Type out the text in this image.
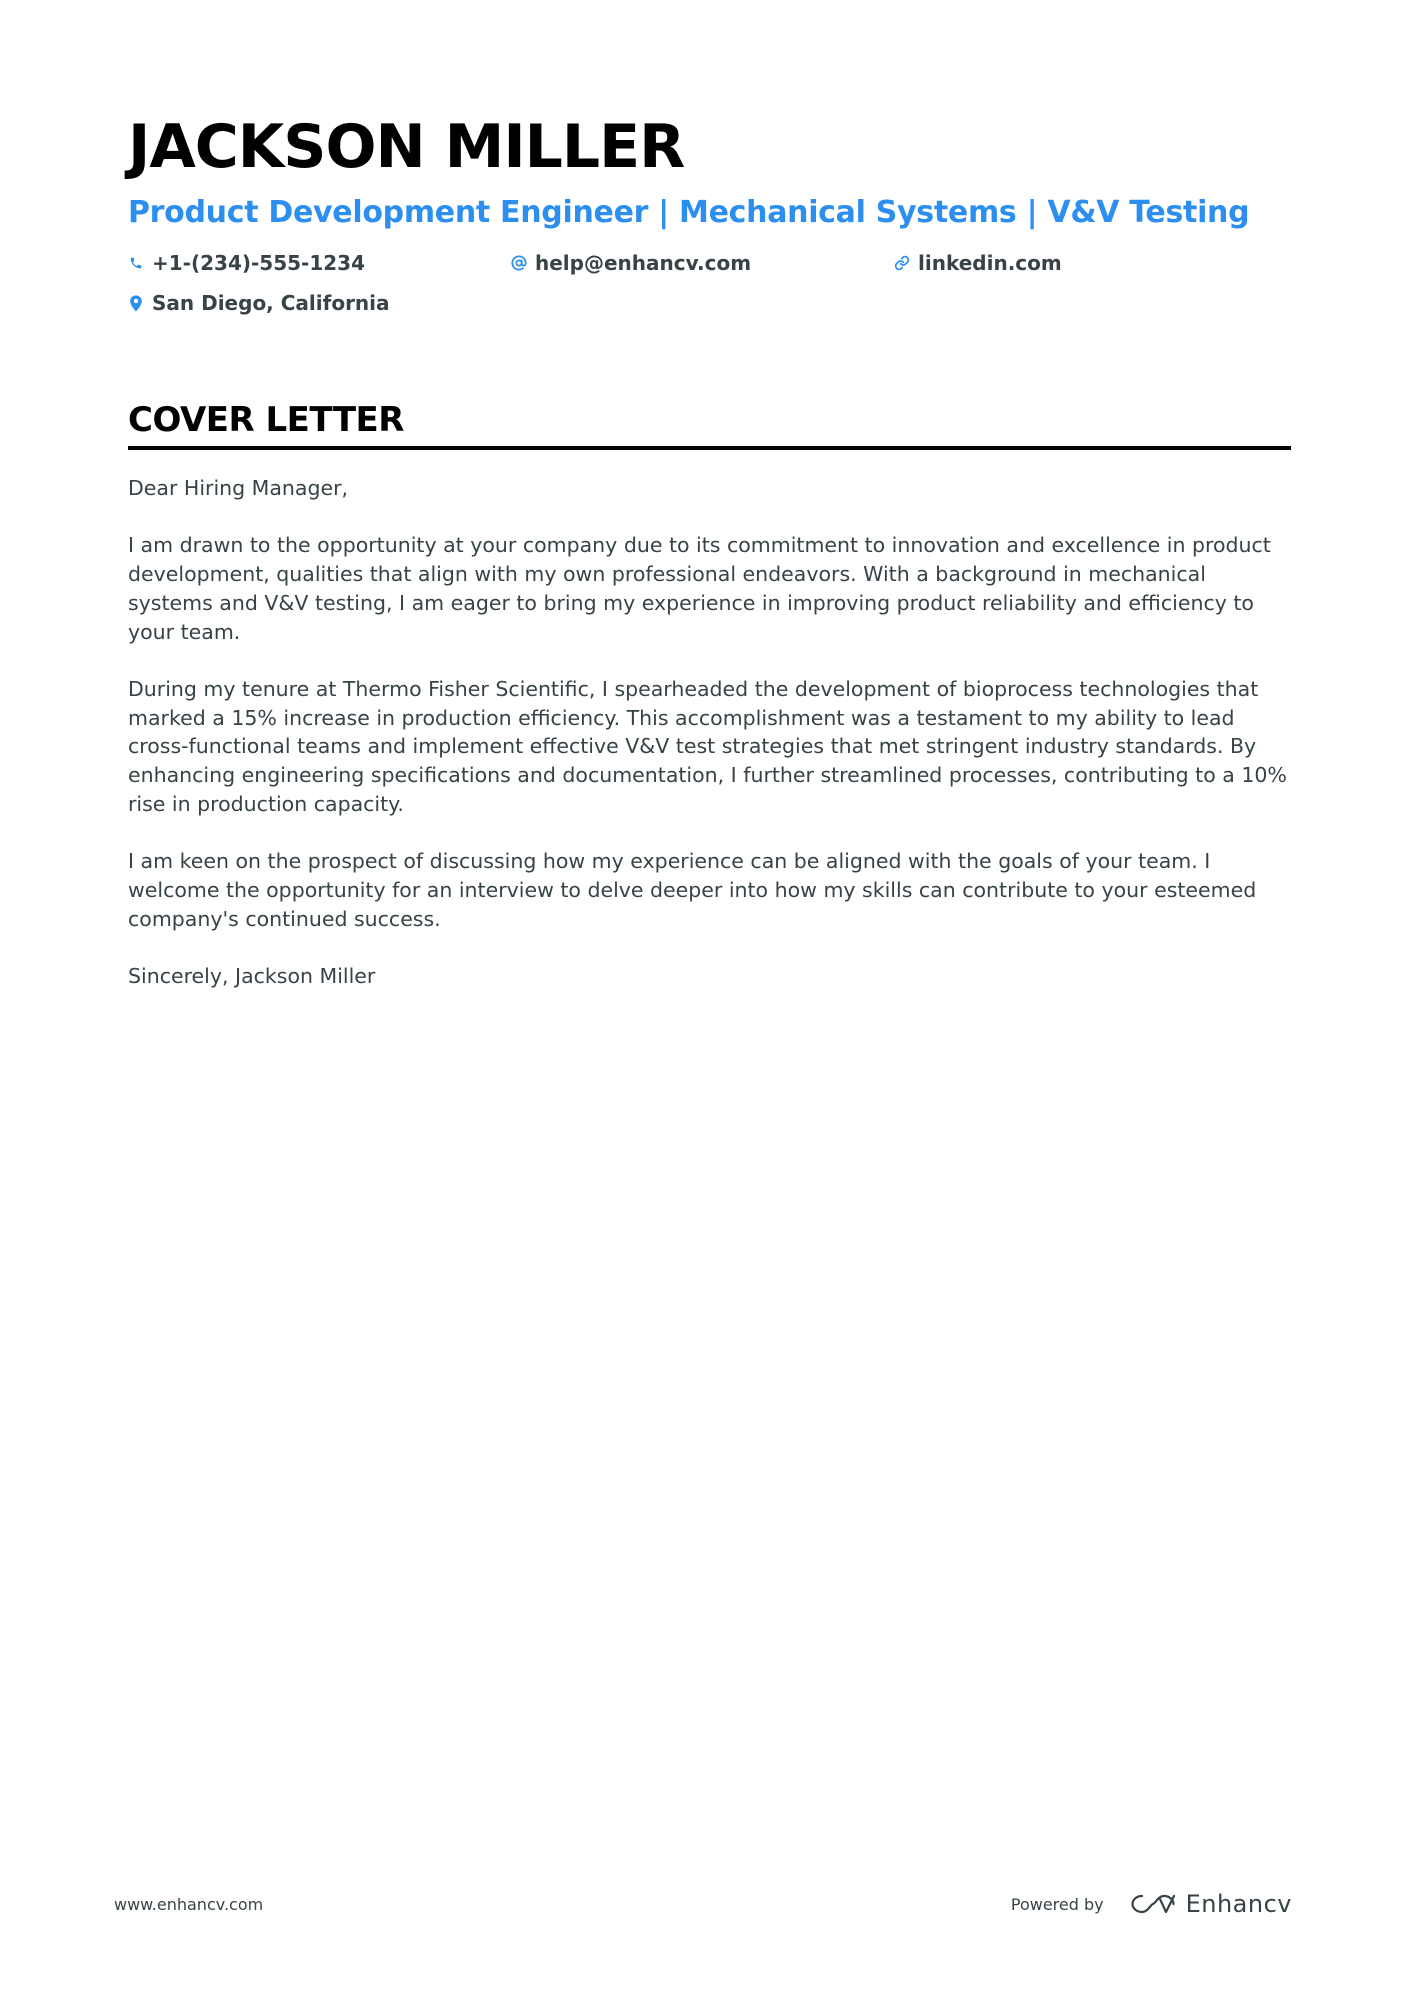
JACKSON MILLER
Product Development Engineer | Mechanical Systems | V&V Testing
+1-(234)-555-1234	help@enhancv.com	linkedin.com
San Diego, California
COVER LETTER

Dear Hiring Manager,

I am drawn to the opportunity at your company due to its commitment to innovation and excellence in product development, qualities that align with my own professional endeavors. With a background in mechanical systems and V&V testing, I am eager to bring my experience in improving product reliability and efficiency to your team.

During my tenure at Thermo Fisher Scientific, I spearheaded the development of bioprocess technologies that marked a 15% increase in production efficiency. This accomplishment was a testament to my ability to lead cross-functional teams and implement effective V&V test strategies that met stringent industry standards. By enhancing engineering specifications and documentation, I further streamlined processes, contributing to a 10% rise in production capacity.

I am keen on the prospect of discussing how my experience can be aligned with the goals of your team. I welcome the opportunity for an interview to delve deeper into how my skills can contribute to your esteemed company's continued success.

Sincerely, Jackson Miller

www.enhancv.com	Powered by	Enhancv
